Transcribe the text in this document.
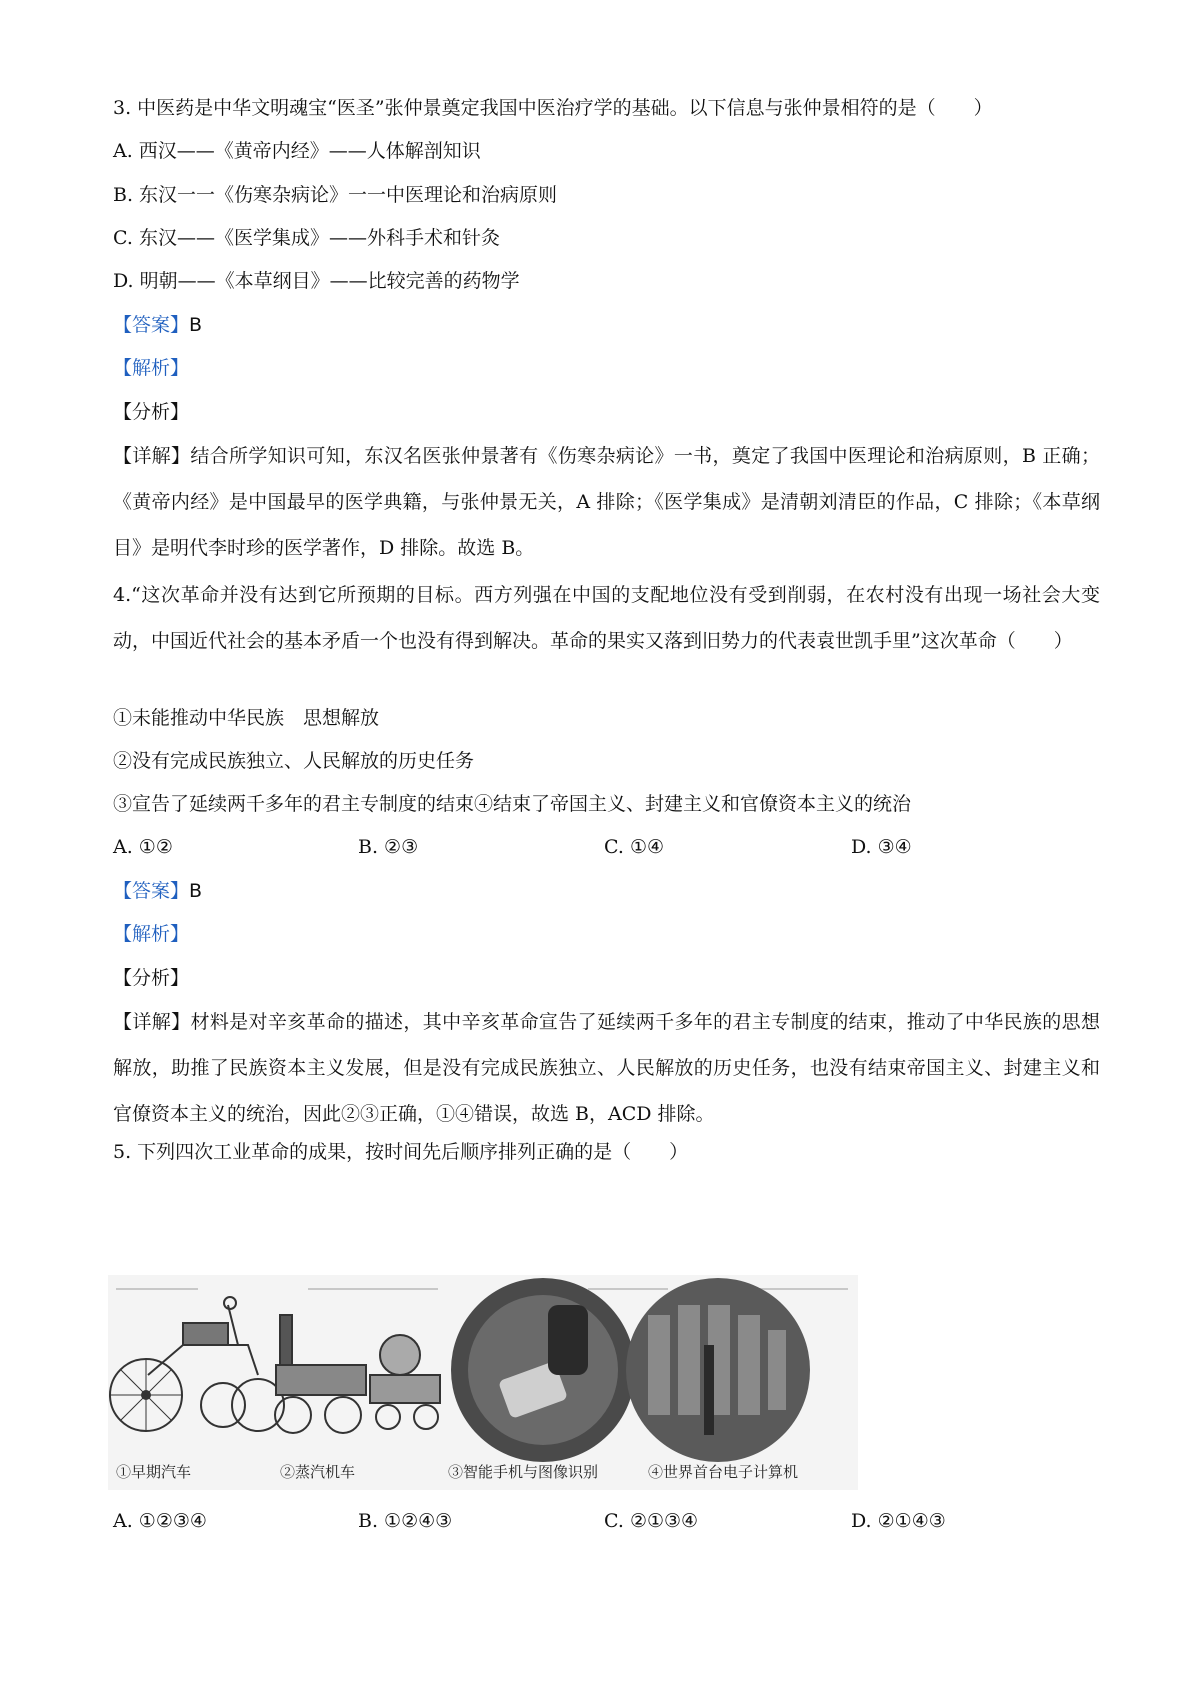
3. 中医药是中华文明魂宝“医圣”张仲景奠定我国中医治疗学的基础。以下信息与张仲景相符的是（　　）
A. 西汉——《黄帝内经》——人体解剖知识
B. 东汉一一《伤寒杂病论》一一中医理论和治病原则
C. 东汉——《医学集成》——外科手术和针灸
D. 明朝——《本草纲目》——比较完善的药物学
【答案】B
【解析】
【分析】
【详解】结合所学知识可知，东汉名医张仲景著有《伤寒杂病论》一书，奠定了我国中医理论和治病原则，B 正确；《黄帝内经》是中国最早的医学典籍，与张仲景无关，A 排除；《医学集成》是清朝刘清臣的作品，C 排除；《本草纲目》是明代李时珍的医学著作，D 排除。故选 B。
4.“这次革命并没有达到它所预期的目标。西方列强在中国的支配地位没有受到削弱，在农村没有出现一场社会大变动，中国近代社会的基本矛盾一个也没有得到解决。革命的果实又落到旧势力的代表袁世凯手里”这次革命（　　）
①未能推动中华民族　思想解放
②没有完成民族独立、人民解放的历史任务
③宣告了延续两千多年的君主专制度的结束④结束了帝国主义、封建主义和官僚资本主义的统治
A. ①②	B. ②③	C. ①④	D. ③④
【答案】B
【解析】
【分析】
【详解】材料是对辛亥革命的描述，其中辛亥革命宣告了延续两千多年的君主专制度的结束，推动了中华民族的思想解放，助推了民族资本主义发展，但是没有完成民族独立、人民解放的历史任务，也没有结束帝国主义、封建主义和官僚资本主义的统治，因此②③正确，①④错误，故选 B，ACD 排除。
5. 下列四次工业革命的成果，按时间先后顺序排列正确的是（　　）
①早期汽车	②蒸汽机车	③智能手机与图像识别	④世界首台电子计算机
A. ①②③④	B. ①②④③	C. ②①③④	D. ②①④③
